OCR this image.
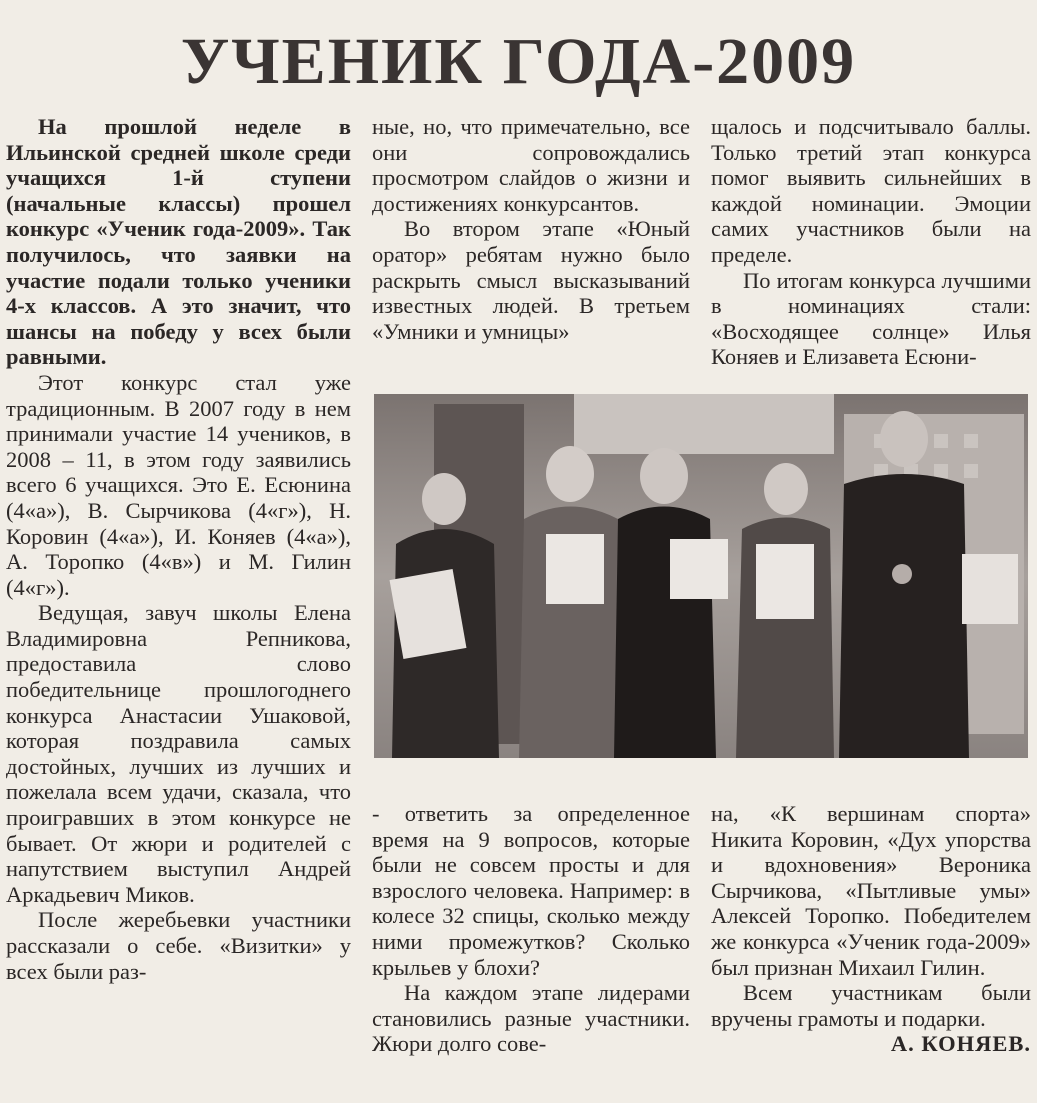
УЧЕНИК ГОДА-2009

На прошлой неделе в Ильинской средней школе среди учащихся 1-й ступени (начальные классы) прошел конкурс «Ученик года-2009». Так получилось, что заявки на участие подали только ученики 4-х классов. А это значит, что шансы на победу у всех были равными.

Этот конкурс стал уже традиционным. В 2007 году в нем принимали участие 14 учеников, в 2008 – 11, в этом году заявились всего 6 учащихся. Это Е. Есюнина (4«а»), В. Сырчикова (4«г»), Н. Коровин (4«а»), И. Коняев (4«а»), А. Торопко (4«в») и М. Гилин (4«г»).

Ведущая, завуч школы Елена Владимировна Репникова, предоставила слово победительнице прошлогоднего конкурса Анастасии Ушаковой, которая поздравила самых достойных, лучших из лучших и пожелала всем удачи, сказала, что проигравших в этом конкурсе не бывает. От жюри и родителей с напутствием выступил Андрей Аркадьевич Миков.

После жеребьевки участники рассказали о себе. «Визитки» у всех были раз-

ные, но, что примечательно, все они сопровождались просмотром слайдов о жизни и достижениях конкурсантов.

Во втором этапе «Юный оратор» ребятам нужно было раскрыть смысл высказываний известных людей. В третьем «Умники и умницы»

щалось и подсчитывало баллы. Только третий этап конкурса помог выявить сильнейших в каждой номинации. Эмоции самих участников были на пределе.

По итогам конкурса лучшими в номинациях стали: «Восходящее солнце» Илья Коняев и Елизавета Есюни-

- ответить за определенное время на 9 вопросов, которые были не совсем просты и для взрослого человека. Например: в колесе 32 спицы, сколько между ними промежутков? Сколько крыльев у блохи?

На каждом этапе лидерами становились разные участники. Жюри долго сове-

на, «К вершинам спорта» Никита Коровин, «Дух упорства и вдохновения» Вероника Сырчикова, «Пытливые умы» Алексей Торопко. Победителем же конкурса «Ученик года-2009» был признан Михаил Гилин.

Всем участникам были вручены грамоты и подарки.

А. КОНЯЕВ.
